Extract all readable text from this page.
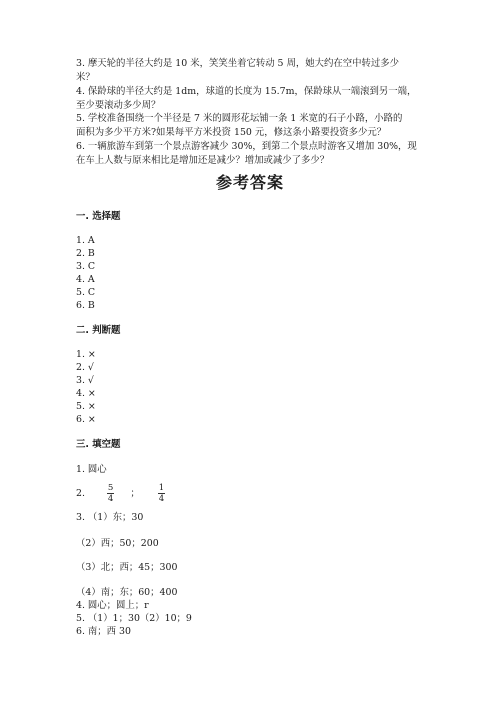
3. 摩天轮的半径大约是 10 米，笑笑坐着它转动 5 周，她大约在空中转过多少
米？
4. 保龄球的半径大约是 1dm，球道的长度为 15.7m，保龄球从一端滚到另一端，
至少要滚动多少周？
5. 学校准备围绕一个半径是 7 米的圆形花坛铺一条 1 米宽的石子小路，小路的
面积为多少平方米?如果每平方米投资 150 元，修这条小路要投资多少元？
6. 一辆旅游车到第一个景点游客减少 30%，到第二个景点时游客又增加 30%，现
在车上人数与原来相比是增加还是减少？增加或减少了多少？
参考答案
一. 选择题
1. A
2. B
3. C
4. A
5. C
6. B
二. 判断题
1. ×
2. √
3. √
4. ×
5. ×
6. ×
三. 填空题
1. 圆心
2.	$\frac{5}{4}$ ； $\frac{1}{4}$
3. （1）东；30
（2）西；50；200
（3）北；西；45；300
（4）南；东；60；400
4. 圆心；圆上；r
5. （1）1；30（2）10；9
6. 南；西 30
